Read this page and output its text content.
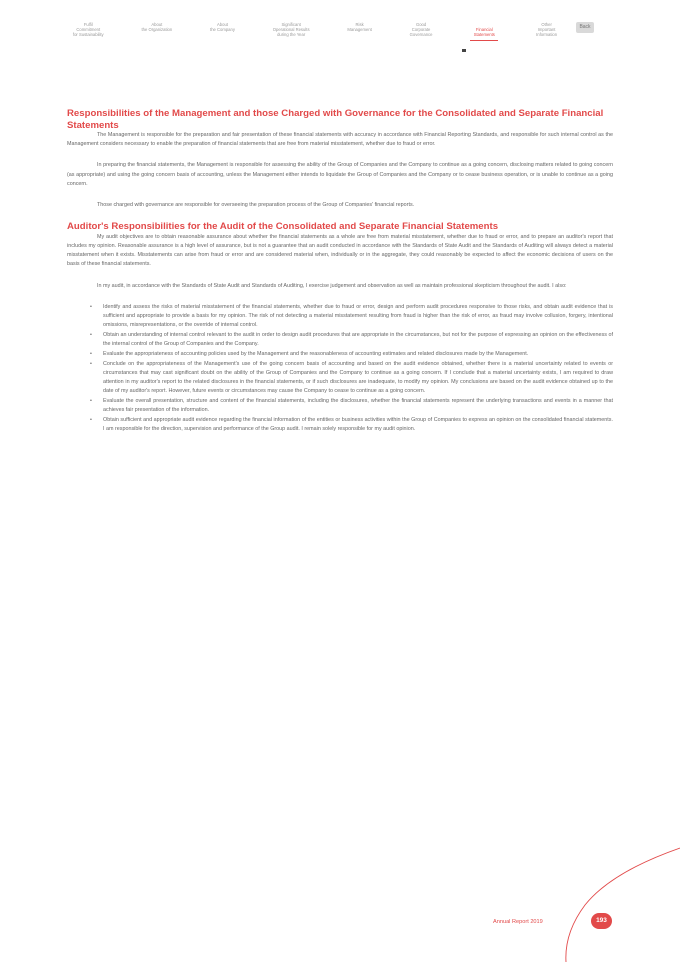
Fulfil
Commitment
for Sustainability
About
the Organization
About
the Company
Significant
Operational Results
during the Year
Risk
Management
Good
Corporate
Governance

Financial
Statements

Other
Important
Information
Back
Responsibilities of the Management and those Charged with Governance for the Consolidated and Separate Financial Statements

The Management is responsible for the preparation and fair presentation of these financial statements with accuracy in accordance with Financial Reporting Standards, and responsible for such internal control as the Management considers necessary to enable the preparation of financial statements that are free from material misstatement, whether due to fraud or error.

In preparing the financial statements, the Management is responsible for assessing the ability of the Group of Companies and the Company to continue as a going concern, disclosing matters related to going concern (as appropriate) and using the going concern basis of accounting, unless the Management either intends to liquidate the Group of Companies and the Company or to cease business operation, or is unable to continue as a going concern.

Those charged with governance are responsible for overseeing the preparation process of the Group of Companies' financial reports.

Auditor's Responsibilities for the Audit of the Consolidated and Separate Financial Statements

My audit objectives are to obtain reasonable assurance about whether the financial statements as a whole are free from material misstatement, whether due to fraud or error, and to prepare an auditor's report that includes my opinion. Reasonable assurance is a high level of assurance, but is not a guarantee that an audit conducted in accordance with the Standards of State Audit and the Standards of Auditing will always detect a material misstatement when it exists. Misstatements can arise from fraud or error and are considered material when, individually or in the aggregate, they could reasonably be expected to affect the economic decisions of users on the basis of these financial statements.

In my audit, in accordance with the Standards of State Audit and Standards of Auditing, I exercise judgement and observation as well as maintain professional skepticism throughout the audit. I also:

• Identify and assess the risks of material misstatement of the financial statements, whether due to fraud or error, design and perform audit procedures responsive to those risks, and obtain audit evidence that is sufficient and appropriate to provide a basis for my opinion. The risk of not detecting a material misstatement resulting from fraud is higher than the risk of error, as fraud may involve collusion, forgery, intentional omissions, misrepresentations, or the override of internal control.
• Obtain an understanding of internal control relevant to the audit in order to design audit procedures that are appropriate in the circumstances, but not for the purpose of expressing an opinion on the effectiveness of the internal control of the Group of Companies and the Company.
• Evaluate the appropriateness of accounting policies used by the Management and the reasonableness of accounting estimates and related disclosures made by the Management.
• Conclude on the appropriateness of the Management's use of the going concern basis of accounting and based on the audit evidence obtained, whether there is a material uncertainty related to events or circumstances that may cast significant doubt on the ability of the Group of Companies and the Company to continue as a going concern. If I conclude that a material uncertainty exists, I am required to draw attention in my auditor's report to the related disclosures in the financial statements, or if such disclosures are inadequate, to modify my opinion. My conclusions are based on the audit evidence obtained up to the date of my auditor's report. However, future events or circumstances may cause the Company to cease to continue as a going concern.
• Evaluate the overall presentation, structure and content of the financial statements, including the disclosures, whether the financial statements represent the underlying transactions and events in a manner that achieves fair presentation of the information.
• Obtain sufficient and appropriate audit evidence regarding the financial information of the entities or business activities within the Group of Companies to express an opinion on the consolidated financial statements. I am responsible for the direction, supervision and performance of the Group audit. I remain solely responsible for my audit opinion.
Annual Report 2019	193
